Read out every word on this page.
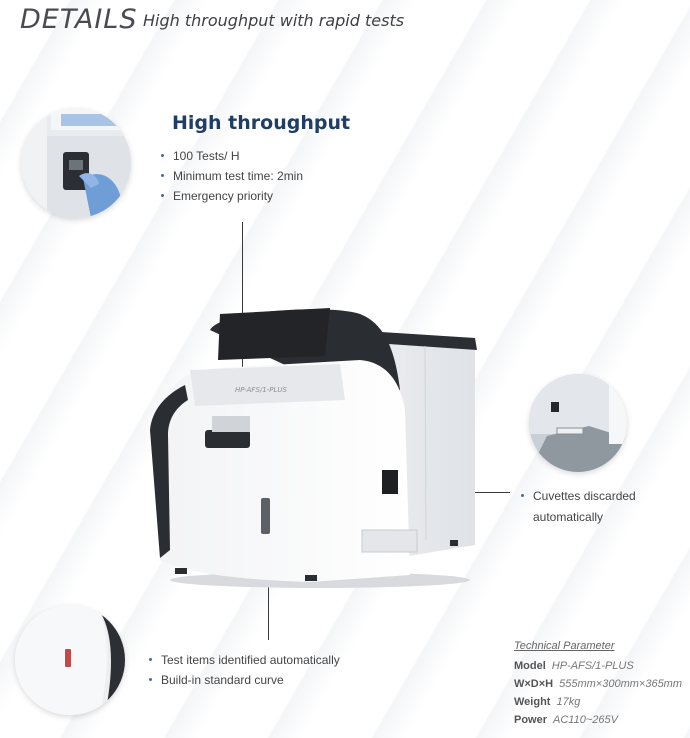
DETAILS High throughput with rapid tests
High throughput
100 Tests/ H
Minimum test time: 2min
Emergency priority
HP-AFS/1-PLUS
Cuvettes discarded automatically
Test items identified automatically
Build-in standard curve
Technical Parameter
Model HP-AFS/1-PLUS
W×D×H 555mm×300mm×365mm
Weight 17kg
Power AC110~265V
